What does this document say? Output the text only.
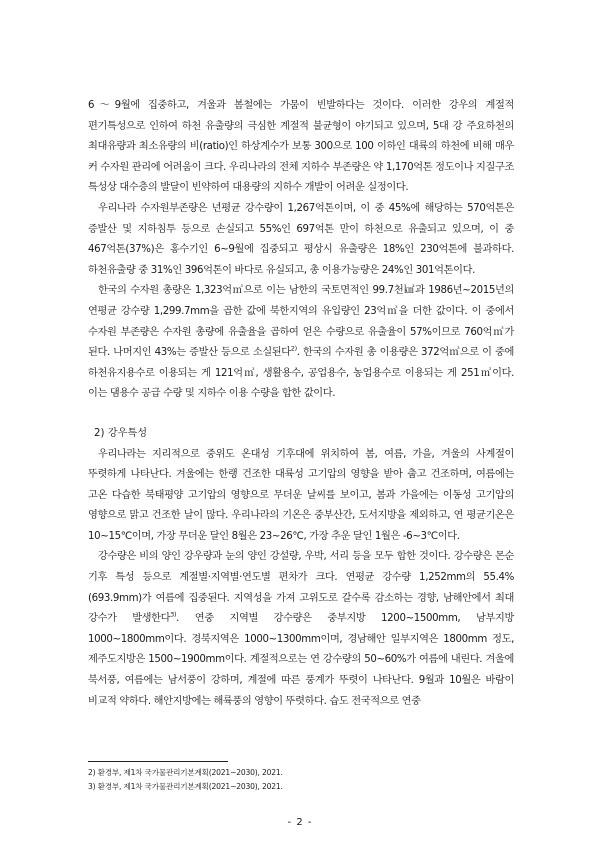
6～9월에 집중하고, 겨울과 봄철에는 가뭄이 빈발하다는 것이다. 이러한 강우의 계절적 편기특성으로 인하여 하천 유출량의 극심한 계절적 불균형이 야기되고 있으며, 5대 강 주요하천의 최대유량과 최소유량의 비(ratio)인 하상계수가 보통 300으로 100 이하인 대륙의 하천에 비해 매우 커 수자원 관리에 어려움이 크다. 우리나라의 전체 지하수 부존량은 약 1,170억톤 정도이나 지질구조 특성상 대수층의 발달이 빈약하여 대용량의 지하수 개발이 어려운 실정이다.

우리나라 수자원부존량은 년평균 강수량이 1,267억톤이며, 이 중 45%에 해당하는 570억톤은 증발산 및 지하침투 등으로 손실되고 55%인 697억톤 만이 하천으로 유출되고 있으며, 이 중 467억톤(37%)은 홍수기인 6~9월에 집중되고 평상시 유출량은 18%인 230억톤에 불과하다. 하천유출량 중 31%인 396억톤이 바다로 유실되고, 총 이용가능량은 24%인 301억톤이다.

한국의 수자원 총량은 1,323억㎥으로 이는 남한의 국토면적인 99.7천㎢과 1986년~2015년의 연평균 강수량 1,299.7mm을 곱한 값에 북한지역의 유입량인 23억㎥을 더한 값이다. 이 중에서 수자원 부존량은 수자원 총량에 유출율을 곱하여 얻은 수량으로 유출율이 57%이므로 760억㎥가 된다. 나머지인 43%는 증발산 등으로 소실된다$^{2)}$. 한국의 수자원 총 이용량은 372억㎥으로 이 중에 하천유지용수로 이용되는 게 121억㎥, 생활용수, 공업용수, 농업용수로 이용되는 게 251㎥이다. 이는 댐용수 공급 수량 및 지하수 이용 수량을 합한 값이다.

2) 강우특성

우리나라는 지리적으로 중위도 온대성 기후대에 위치하여 봄, 여름, 가을, 겨울의 사계절이 뚜렷하게 나타난다. 겨울에는 한랭 건조한 대륙성 고기압의 영향을 받아 춥고 건조하며, 여름에는 고온 다습한 북태평양 고기압의 영향으로 무더운 날씨를 보이고, 봄과 가을에는 이동성 고기압의 영향으로 맑고 건조한 날이 많다. 우리나라의 기온은 중부산간, 도서지방을 제외하고, 연 평균기온은 10~15℃이며, 가장 무더운 달인 8월은 23~26℃, 가장 추운 달인 1월은 -6~3℃이다.

강수량은 비의 양인 강우량과 눈의 양인 강설량, 우박, 서리 등을 모두 합한 것이다. 강수량은 몬순 기후 특성 등으로 계절별·지역별·연도별 편차가 크다. 연평균 강수량 1,252mm의 55.4%(693.9mm)가 여름에 집중된다. 지역성을 가져 고위도로 갈수록 감소하는 경향, 남해안에서 최대 강수가 발생한다$^{3)}$. 연중 지역별 강수량은 중부지방 1200~1500mm, 남부지방 1000~1800mm이다. 경북지역은 1000~1300mm이며, 경남해안 일부지역은 1800mm 정도, 제주도지방은 1500~1900mm이다. 계절적으로는 연 강수량의 50~60%가 여름에 내린다. 겨울에 북서풍, 여름에는 남서풍이 강하며, 계절에 따른 풍계가 뚜렷이 나타난다. 9월과 10월은 바람이 비교적 약하다. 해안지방에는 해륙풍의 영향이 뚜렷하다. 습도 전국적으로 연중

2) 환경부, 제1차 국가물관리기본계획(2021~2030), 2021.

3) 환경부, 제1차 국가물관리기본계획(2021~2030), 2021.

- 2 -
